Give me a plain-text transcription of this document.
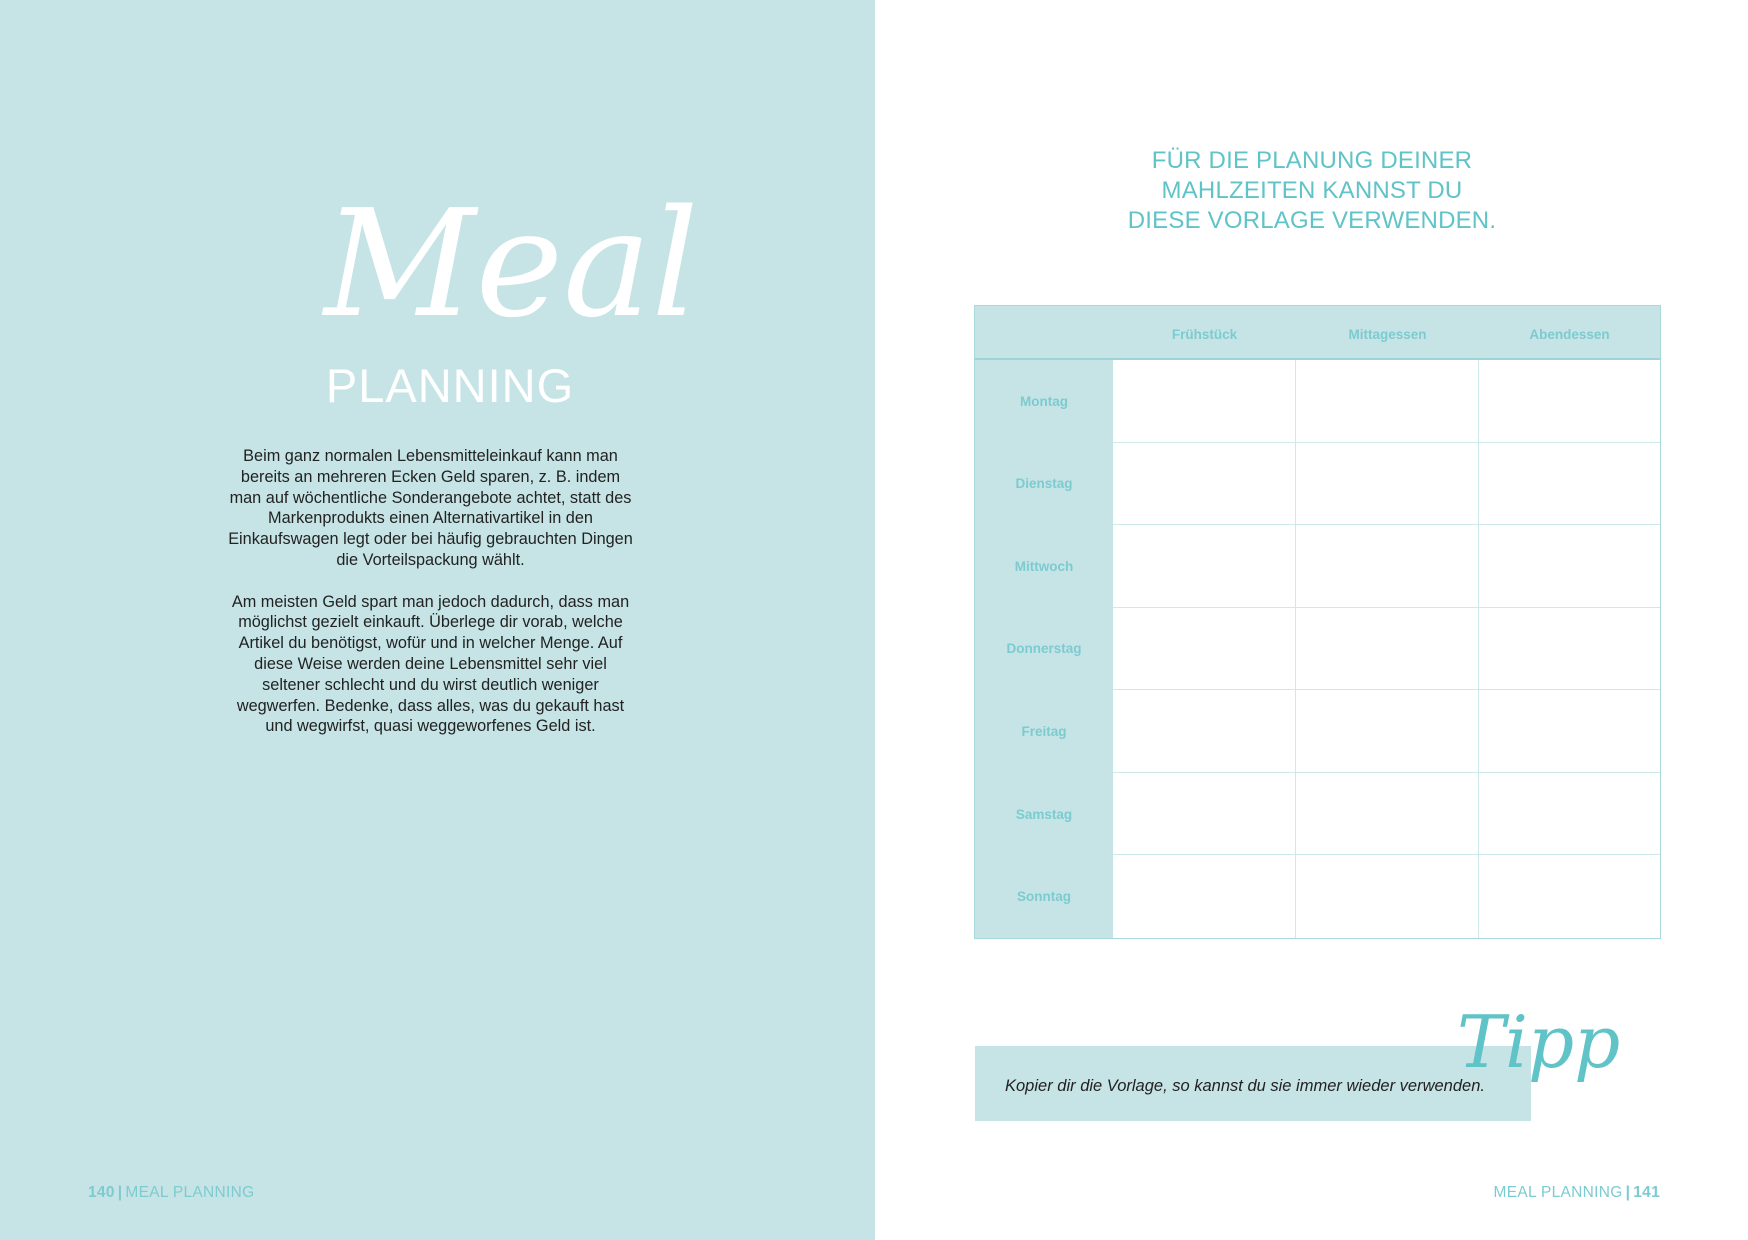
Meal
PLANNING

Beim ganz normalen Lebensmitteleinkauf kann man bereits an mehreren Ecken Geld sparen, z. B. indem man auf wöchentliche Sonderangebote achtet, statt des Markenprodukts einen Alternativartikel in den Einkaufswagen legt oder bei häufig gebrauchten Dingen die Vorteilspackung wählt.

Am meisten Geld spart man jedoch dadurch, dass man möglichst gezielt einkauft. Überlege dir vorab, welche Artikel du benötigst, wofür und in welcher Menge. Auf diese Weise werden deine Lebensmittel sehr viel seltener schlecht und du wirst deutlich weniger wegwerfen. Bedenke, dass alles, was du gekauft hast und wegwirfst, quasi weggeworfenes Geld ist.

140 | MEAL PLANNING
FÜR DIE PLANUNG DEINER
MAHLZEITEN KANNST DU
DIESE VORLAGE VERWENDEN.
Frühstück	Mittagessen	Abendessen
Montag
Dienstag
Mittwoch
Donnerstag
Freitag
Samstag
Sonntag
Kopier dir die Vorlage, so kannst du sie immer wieder verwenden.
Tipp
MEAL PLANNING | 141
